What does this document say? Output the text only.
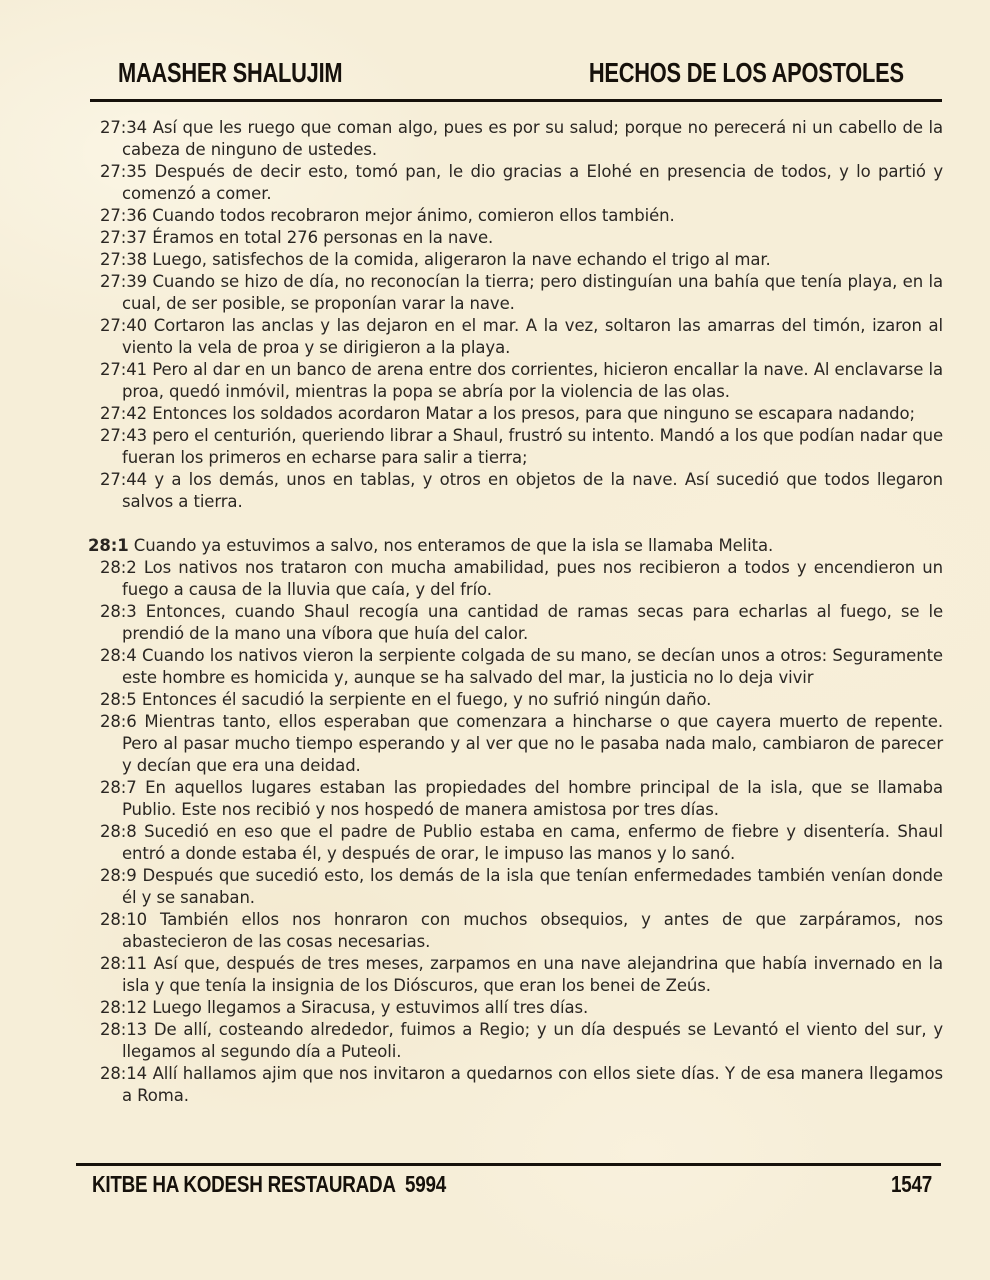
MAASHER SHALUJIM	HECHOS DE LOS APOSTOLES

27:34 Así que les ruego que coman algo, pues es por su salud; porque no perecerá ni un cabello de la cabeza de ninguno de ustedes.

27:35 Después de decir esto, tomó pan, le dio gracias a Elohé en presencia de todos, y lo partió y comenzó a comer.

27:36 Cuando todos recobraron mejor ánimo, comieron ellos también.

27:37 Éramos en total 276 personas en la nave.

27:38 Luego, satisfechos de la comida, aligeraron la nave echando el trigo al mar.

27:39 Cuando se hizo de día, no reconocían la tierra; pero distinguían una bahía que tenía playa, en la cual, de ser posible, se proponían varar la nave.

27:40 Cortaron las anclas y las dejaron en el mar. A la vez, soltaron las amarras del timón, izaron al viento la vela de proa y se dirigieron a la playa.

27:41 Pero al dar en un banco de arena entre dos corrientes, hicieron encallar la nave. Al enclavarse la proa, quedó inmóvil, mientras la popa se abría por la violencia de las olas.

27:42 Entonces los soldados acordaron Matar a los presos, para que ninguno se escapara nadando;

27:43 pero el centurión, queriendo librar a Shaul, frustró su intento. Mandó a los que podían nadar que fueran los primeros en echarse para salir a tierra;

27:44 y a los demás, unos en tablas, y otros en objetos de la nave. Así sucedió que todos llegaron salvos a tierra.

28:1 Cuando ya estuvimos a salvo, nos enteramos de que la isla se llamaba Melita.

28:2 Los nativos nos trataron con mucha amabilidad, pues nos recibieron a todos y encendieron un fuego a causa de la lluvia que caía, y del frío.

28:3 Entonces, cuando Shaul recogía una cantidad de ramas secas para echarlas al fuego, se le prendió de la mano una víbora que huía del calor.

28:4 Cuando los nativos vieron la serpiente colgada de su mano, se decían unos a otros: Seguramente este hombre es homicida y, aunque se ha salvado del mar, la justicia no lo deja vivir

28:5 Entonces él sacudió la serpiente en el fuego, y no sufrió ningún daño.

28:6 Mientras tanto, ellos esperaban que comenzara a hincharse o que cayera muerto de repente. Pero al pasar mucho tiempo esperando y al ver que no le pasaba nada malo, cambiaron de parecer y decían que era una deidad.

28:7 En aquellos lugares estaban las propiedades del hombre principal de la isla, que se llamaba Publio. Este nos recibió y nos hospedó de manera amistosa por tres días.

28:8 Sucedió en eso que el padre de Publio estaba en cama, enfermo de fiebre y disentería. Shaul entró a donde estaba él, y después de orar, le impuso las manos y lo sanó.

28:9 Después que sucedió esto, los demás de la isla que tenían enfermedades también venían donde él y se sanaban.

28:10 También ellos nos honraron con muchos obsequios, y antes de que zarpáramos, nos abastecieron de las cosas necesarias.

28:11 Así que, después de tres meses, zarpamos en una nave alejandrina que había invernado en la isla y que tenía la insignia de los Dióscuros, que eran los benei de Zeús.

28:12 Luego llegamos a Siracusa, y estuvimos allí tres días.

28:13 De allí, costeando alrededor, fuimos a Regio; y un día después se Levantó el viento del sur, y llegamos al segundo día a Puteoli.

28:14 Allí hallamos ajim que nos invitaron a quedarnos con ellos siete días. Y de esa manera llegamos a Roma.

KITBE HA KODESH RESTAURADA  5994	1547
